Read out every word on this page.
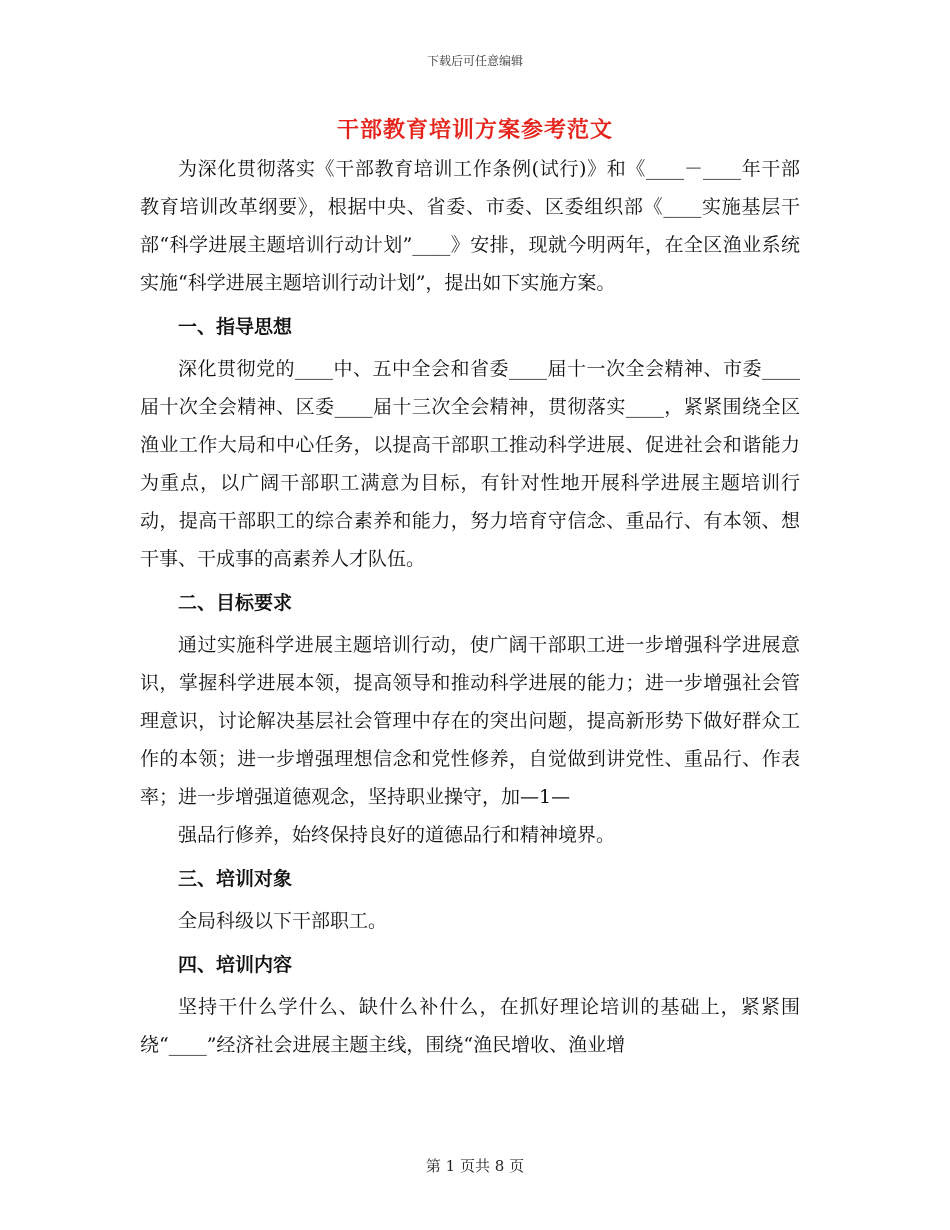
下载后可任意编辑
干部教育培训方案参考范文

为深化贯彻落实《干部教育培训工作条例(试行)》和《____－____年干部教育培训改革纲要》，根据中央、省委、市委、区委组织部《____实施基层干部“科学进展主题培训行动计划”____》安排，现就今明两年，在全区渔业系统实施“科学进展主题培训行动计划”，提出如下实施方案。

一、指导思想

深化贯彻党的____中、五中全会和省委____届十一次全会精神、市委____届十次全会精神、区委____届十三次全会精神，贯彻落实____，紧紧围绕全区渔业工作大局和中心任务，以提高干部职工推动科学进展、促进社会和谐能力为重点，以广阔干部职工满意为目标，有针对性地开展科学进展主题培训行动，提高干部职工的综合素养和能力，努力培育守信念、重品行、有本领、想干事、干成事的高素养人才队伍。

二、目标要求

通过实施科学进展主题培训行动，使广阔干部职工进一步增强科学进展意识，掌握科学进展本领，提高领导和推动科学进展的能力；进一步增强社会管理意识，讨论解决基层社会管理中存在的突出问题，提高新形势下做好群众工作的本领；进一步增强理想信念和党性修养，自觉做到讲党性、重品行、作表率；进一步增强道德观念，坚持职业操守，加—1—

强品行修养，始终保持良好的道德品行和精神境界。

三、培训对象

全局科级以下干部职工。

四、培训内容

坚持干什么学什么、缺什么补什么，在抓好理论培训的基础上，紧紧围绕“____”经济社会进展主题主线，围绕“渔民增收、渔业增

第 1 页共 8 页
